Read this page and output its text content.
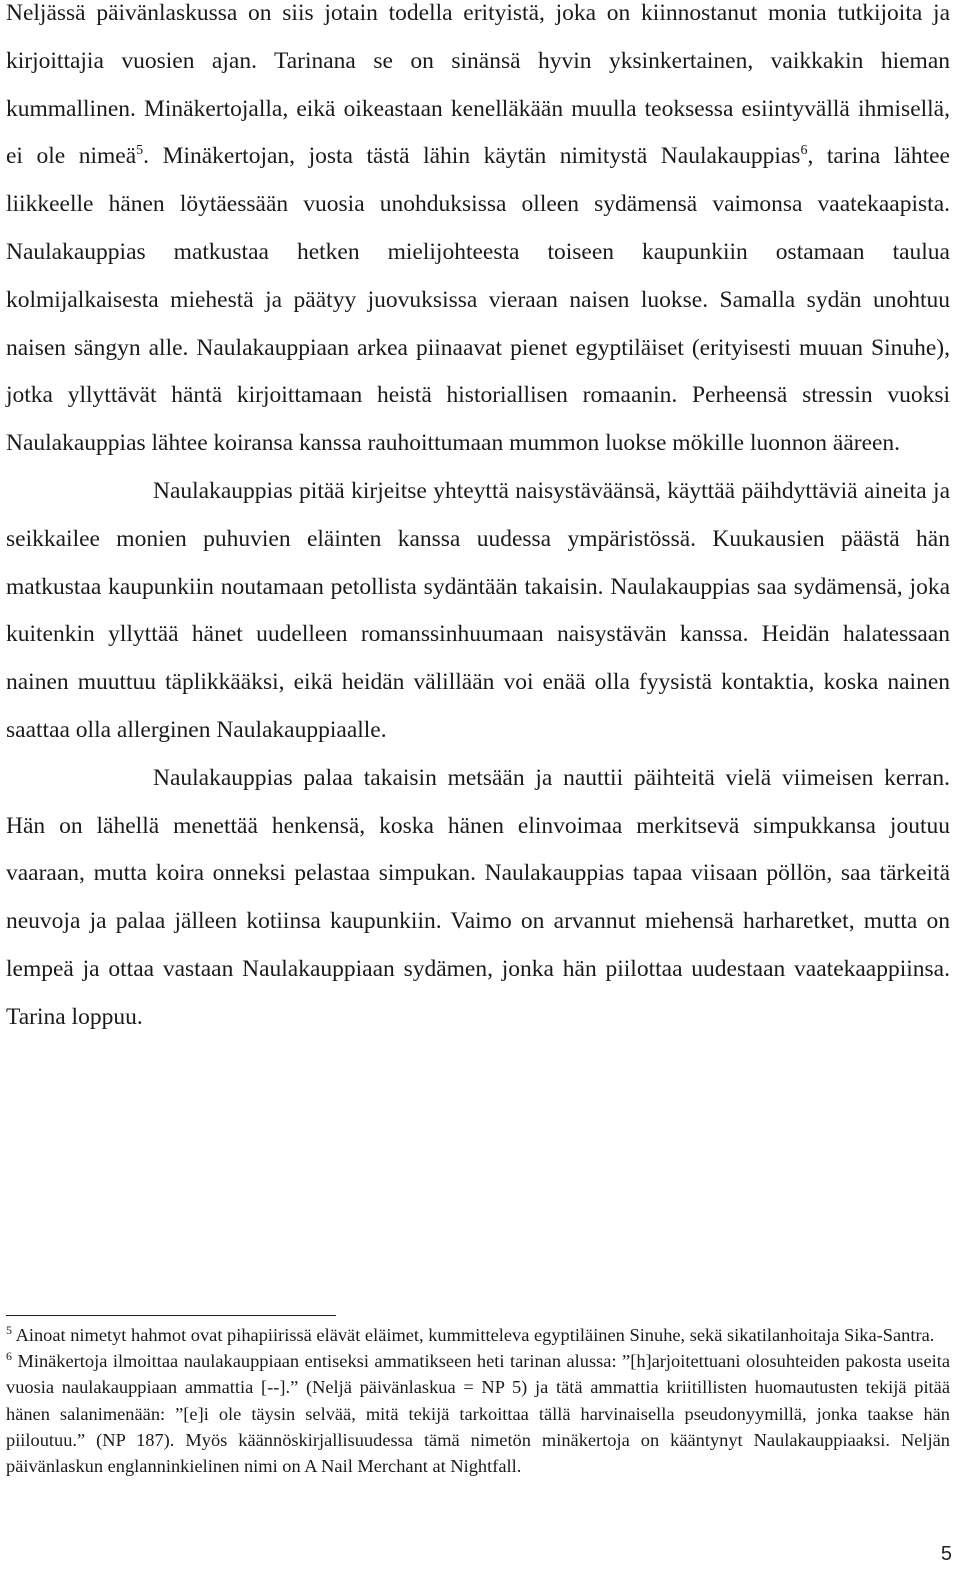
Neljässä päivänlaskussa on siis jotain todella erityistä, joka on kiinnostanut monia tutkijoita ja kirjoittajia vuosien ajan. Tarinana se on sinänsä hyvin yksinkertainen, vaikkakin hieman kummallinen. Minäkertojalla, eikä oikeastaan kenelläkään muulla teoksessa esiintyvällä ihmisellä, ei ole nimeä$^5$. Minäkertojan, josta tästä lähin käytän nimitystä Naulakauppias$^6$, tarina lähtee liikkeelle hänen löytäessään vuosia unohduksissa olleen sydämensä vaimonsa vaatekaapista. Naulakauppias matkustaa hetken mielijohteesta toiseen kaupunkiin ostamaan taulua kolmijalkaisesta miehestä ja päätyy juovuksissa vieraan naisen luokse. Samalla sydän unohtuu naisen sängyn alle. Naulakauppiaan arkea piinaavat pienet egyptiläiset (erityisesti muuan Sinuhe), jotka yllyttävät häntä kirjoittamaan heistä historiallisen romaanin. Perheensä stressin vuoksi Naulakauppias lähtee koiransa kanssa rauhoittumaan mummon luokse mökille luonnon ääreen.

Naulakauppias pitää kirjeitse yhteyttä naisystäväänsä, käyttää päihdyttäviä aineita ja seikkailee monien puhuvien eläinten kanssa uudessa ympäristössä. Kuukausien päästä hän matkustaa kaupunkiin noutamaan petollista sydäntään takaisin. Naulakauppias saa sydämensä, joka kuitenkin yllyttää hänet uudelleen romanssinhuumaan naisystävän kanssa. Heidän halatessaan nainen muuttuu täplikkääksi, eikä heidän välillään voi enää olla fyysistä kontaktia, koska nainen saattaa olla allerginen Naulakauppiaalle.

Naulakauppias palaa takaisin metsään ja nauttii päihteitä vielä viimeisen kerran. Hän on lähellä menettää henkensä, koska hänen elinvoimaa merkitsevä simpukkansa joutuu vaaraan, mutta koira onneksi pelastaa simpukan. Naulakauppias tapaa viisaan pöllön, saa tärkeitä neuvoja ja palaa jälleen kotiinsa kaupunkiin. Vaimo on arvannut miehensä harharetket, mutta on lempeä ja ottaa vastaan Naulakauppiaan sydämen, jonka hän piilottaa uudestaan vaatekaappiinsa. Tarina loppuu.

$^5$ Ainoat nimetyt hahmot ovat pihapiirissä elävät eläimet, kummitteleva egyptiläinen Sinuhe, sekä sikatilanhoitaja Sika-Santra.

$^6$ Minäkertoja ilmoittaa naulakauppiaan entiseksi ammatikseen heti tarinan alussa: ”[h]arjoitettuani olosuhteiden pakosta useita vuosia naulakauppiaan ammattia [--].” (Neljä päivänlaskua = NP 5) ja tätä ammattia kriitillisten huomautusten tekijä pitää hänen salanimenään: ”[e]i ole täysin selvää, mitä tekijä tarkoittaa tällä harvinaisella pseudonyymillä, jonka taakse hän piiloutuu.” (NP 187). Myös käännöskirjallisuudessa tämä nimetön minäkertoja on kääntynyt Naulakauppiaaksi. Neljän päivänlaskun englanninkielinen nimi on A Nail Merchant at Nightfall.

5
